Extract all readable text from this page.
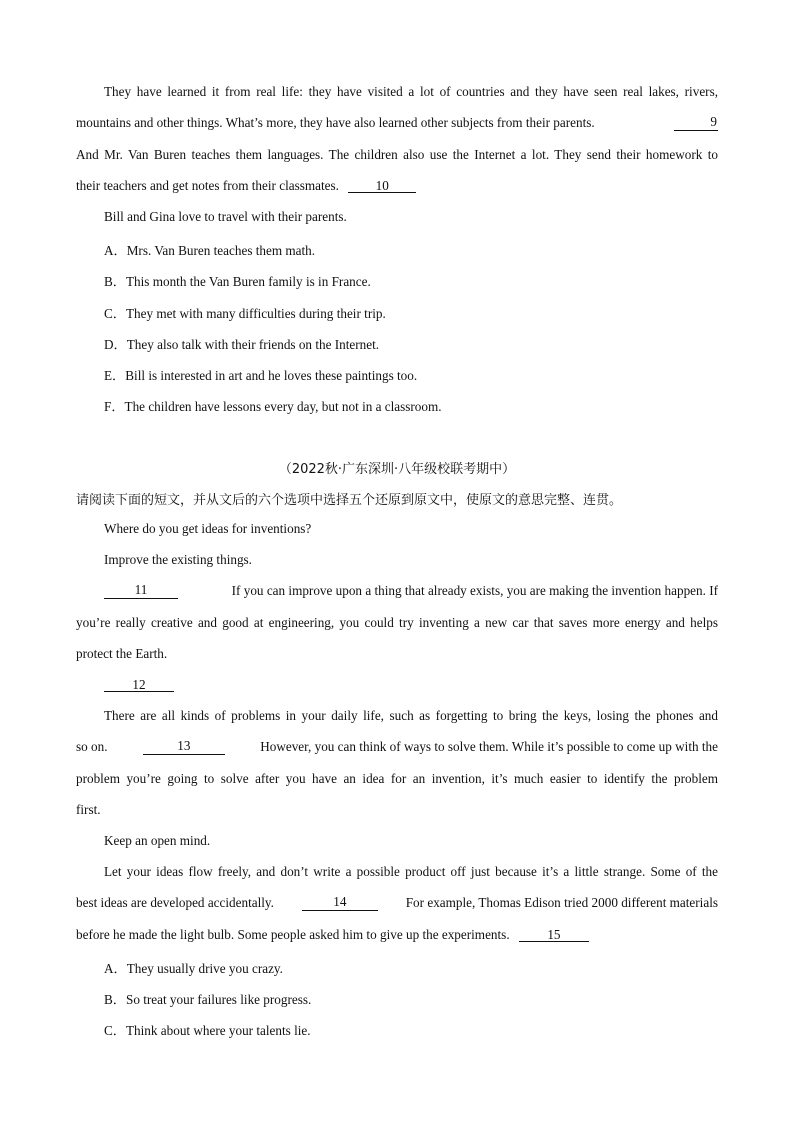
They have learned it from real life: they have visited a lot of countries and they have seen real lakes, rivers,
mountains and other things. What’s more, they have also learned other subjects from their parents.	9
And Mr. Van Buren teaches them languages. The children also use the Internet a lot. They send their homework to
their teachers and get notes from their classmates.	10
Bill and Gina love to travel with their parents.
A．Mrs. Van Buren teaches them math.
B．This month the Van Buren family is in France.
C．They met with many difficulties during their trip.
D．They also talk with their friends on the Internet.
E．Bill is interested in art and he loves these paintings too.
F．The children have lessons every day, but not in a classroom.
（2022秋·广东深圳·八年级校联考期中）
请阅读下面的短文，并从文后的六个选项中选择五个还原到原文中，使原文的意思完整、连贯。
Where do you get ideas for inventions?
Improve the existing things.
11	If you can improve upon a thing that already exists, you are making the invention happen. If
you’re really creative and good at engineering, you could try inventing a new car that saves more energy and helps
protect the Earth.
12
There are all kinds of problems in your daily life, such as forgetting to bring the keys, losing the phones and
so on.	13	However, you can think of ways to solve them. While it’s possible to come up with the
problem you’re going to solve after you have an idea for an invention, it’s much easier to identify the problem
first.
Keep an open mind.
Let your ideas flow freely, and don’t write a possible product off just because it’s a little strange. Some of the
best ideas are developed accidentally.	14	For example, Thomas Edison tried 2000 different materials
before he made the light bulb. Some people asked him to give up the experiments.	15
A．They usually drive you crazy.
B．So treat your failures like progress.
C．Think about where your talents lie.
